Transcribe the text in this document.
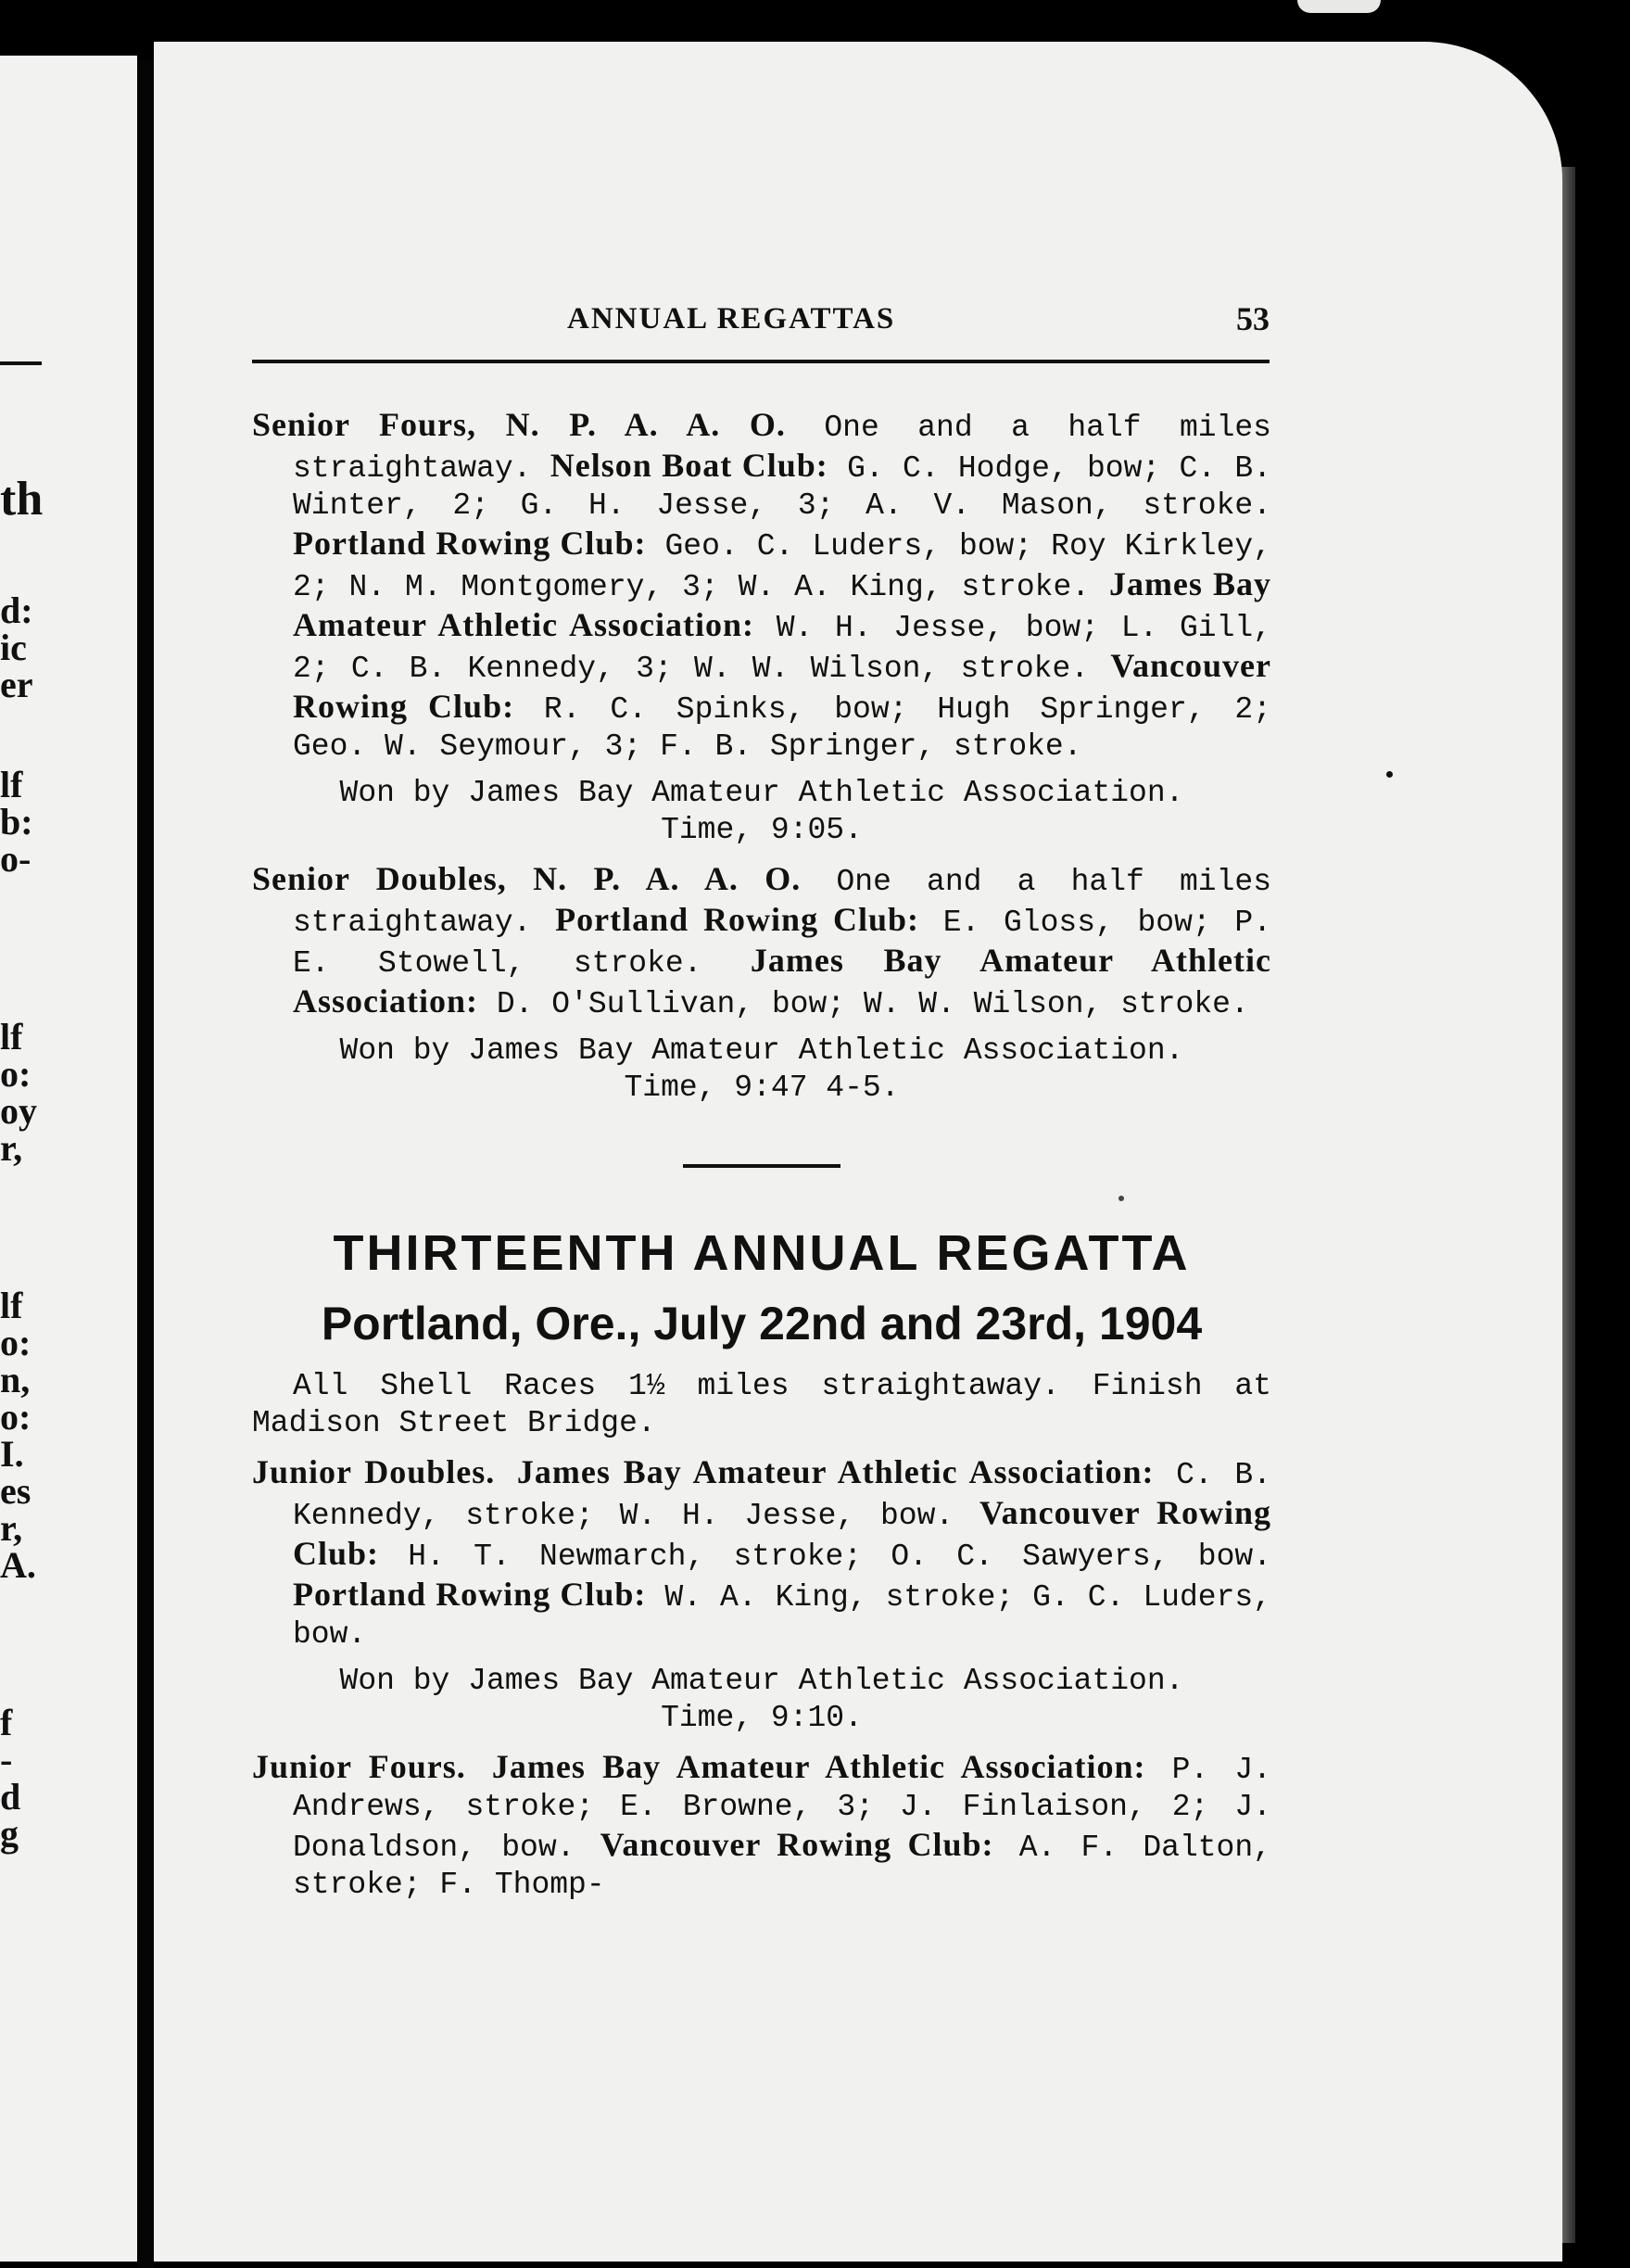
th
d:
ic
er
lf
b:
o-
lf
o:
oy
r,
lf
o:
n,
o:
I.
es
r,
A.
f
-
d
g
ANNUAL REGATTAS	53

Senior Fours, N. P. A. A. O. One and a half miles straightaway. Nelson Boat Club: G. C. Hodge, bow; C. B. Winter, 2; G. H. Jesse, 3; A. V. Mason, stroke. Portland Rowing Club: Geo. C. Luders, bow; Roy Kirkley, 2; N. M. Montgomery, 3; W. A. King, stroke. James Bay Amateur Athletic Association: W. H. Jesse, bow; L. Gill, 2; C. B. Kennedy, 3; W. W. Wilson, stroke. Vancouver Rowing Club: R. C. Spinks, bow; Hugh Springer, 2; Geo. W. Seymour, 3; F. B. Springer, stroke.

Won by James Bay Amateur Athletic Association. Time, 9:05.

Senior Doubles, N. P. A. A. O. One and a half miles straightaway. Portland Rowing Club: E. Gloss, bow; P. E. Stowell, stroke. James Bay Amateur Athletic Association: D. O'Sullivan, bow; W. W. Wilson, stroke.

Won by James Bay Amateur Athletic Association. Time, 9:47 4-5.

THIRTEENTH ANNUAL REGATTA
Portland, Ore., July 22nd and 23rd, 1904

All Shell Races 1½ miles straightaway. Finish at Madison Street Bridge.

Junior Doubles. James Bay Amateur Athletic Association: C. B. Kennedy, stroke; W. H. Jesse, bow. Vancouver Rowing Club: H. T. Newmarch, stroke; O. C. Sawyers, bow. Portland Rowing Club: W. A. King, stroke; G. C. Luders, bow.

Won by James Bay Amateur Athletic Association. Time, 9:10.

Junior Fours. James Bay Amateur Athletic Association: P. J. Andrews, stroke; E. Browne, 3; J. Finlaison, 2; J. Donaldson, bow. Vancouver Rowing Club: A. F. Dalton, stroke; F. Thomp-
